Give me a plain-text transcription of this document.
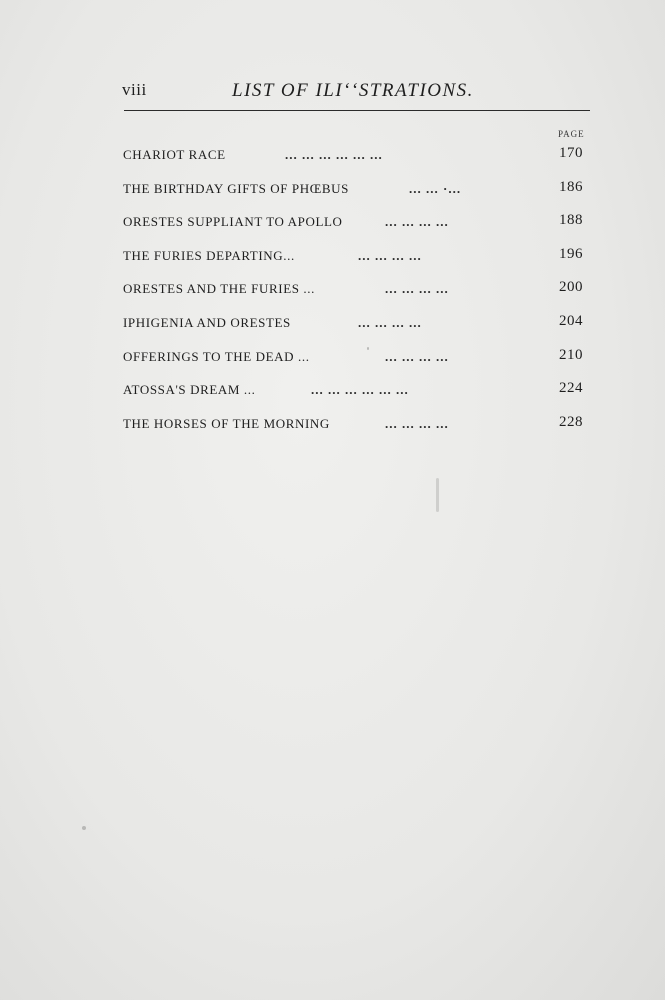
viii	LIST OF ILIʻʻSTRATIONS.
PAGE
CHARIOT RACE	... ... ... ... ... ...	170
THE BIRTHDAY GIFTS OF PHŒBUS	... ... ·...	186
ORESTES SUPPLIANT TO APOLLO	... ... ... ...	188
THE FURIES DEPARTING...	... ... ... ...	196
ORESTES AND THE FURIES ...	... ... ... ...	200
IPHIGENIA AND ORESTES	... ... ... ...	204
OFFERINGS TO THE DEAD ...	... ... ... ...	210
ATOSSA'S DREAM ...	... ... ... ... ... ...	224
THE HORSES OF THE MORNING	... ... ... ...	228
